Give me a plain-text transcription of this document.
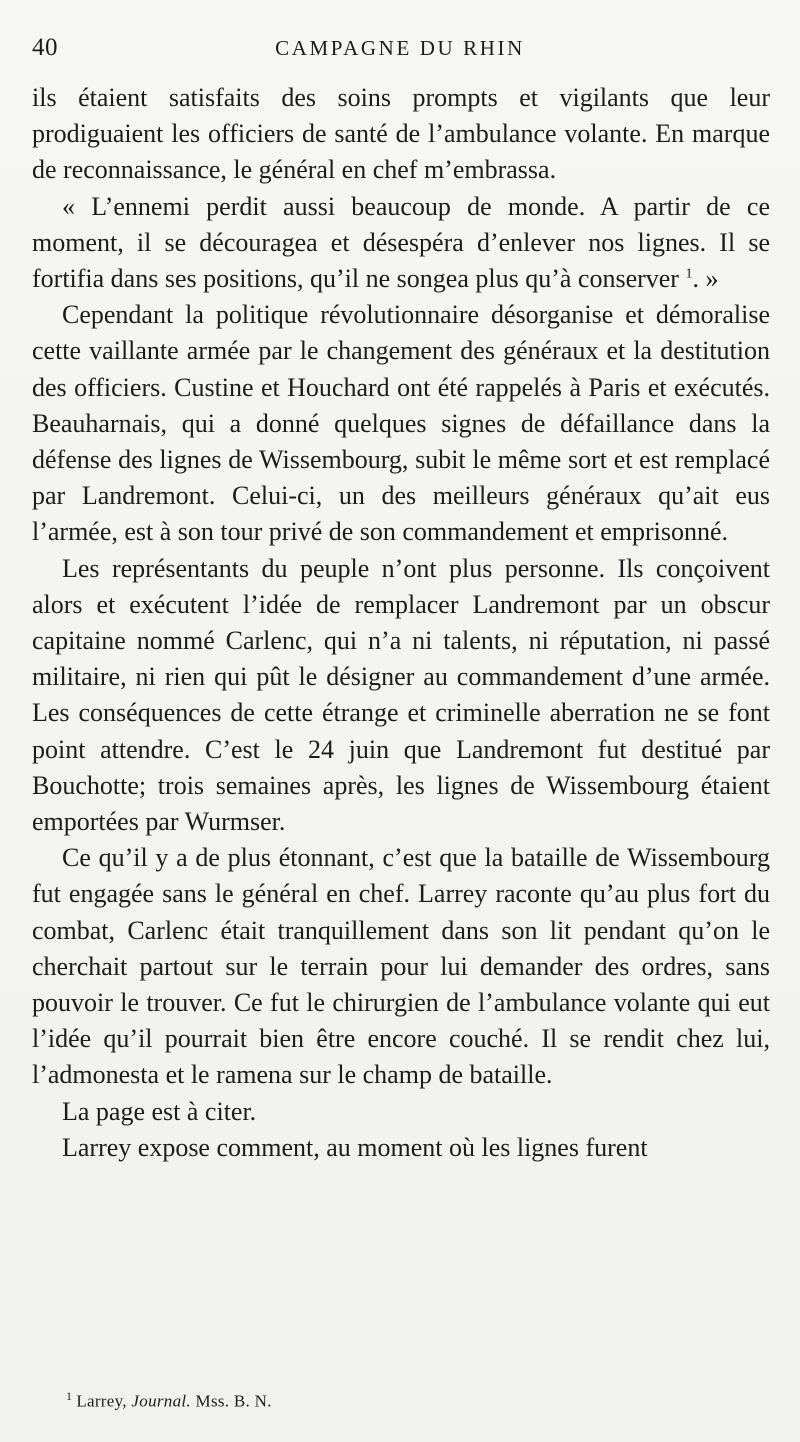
40	CAMPAGNE DU RHIN

ils étaient satisfaits des soins prompts et vigilants que leur prodiguaient les officiers de santé de l’ambulance volante. En marque de reconnaissance, le général en chef m’embrassa.

« L’ennemi perdit aussi beaucoup de monde. A partir de ce moment, il se découragea et désespéra d’enlever nos lignes. Il se fortifia dans ses positions, qu’il ne songea plus qu’à conserver $^1$. »

Cependant la politique révolutionnaire désorganise et démoralise cette vaillante armée par le changement des généraux et la destitution des officiers. Custine et Houchard ont été rappelés à Paris et exécutés. Beauharnais, qui a donné quelques signes de défaillance dans la défense des lignes de Wissembourg, subit le même sort et est remplacé par Landremont. Celui-ci, un des meilleurs généraux qu’ait eus l’armée, est à son tour privé de son commandement et emprisonné.

Les représentants du peuple n’ont plus personne. Ils conçoivent alors et exécutent l’idée de remplacer Landremont par un obscur capitaine nommé Carlenc, qui n’a ni talents, ni réputation, ni passé militaire, ni rien qui pût le désigner au commandement d’une armée. Les conséquences de cette étrange et criminelle aberration ne se font point attendre. C’est le 24 juin que Landremont fut destitué par Bouchotte; trois semaines après, les lignes de Wissembourg étaient emportées par Wurmser.

Ce qu’il y a de plus étonnant, c’est que la bataille de Wissembourg fut engagée sans le général en chef. Larrey raconte qu’au plus fort du combat, Carlenc était tranquillement dans son lit pendant qu’on le cherchait partout sur le terrain pour lui demander des ordres, sans pouvoir le trouver. Ce fut le chirurgien de l’ambulance volante qui eut l’idée qu’il pourrait bien être encore couché. Il se rendit chez lui, l’admonesta et le ramena sur le champ de bataille.

La page est à citer.

Larrey expose comment, au moment où les lignes furent

$^1$ Larrey, Journal. Mss. B. N.
